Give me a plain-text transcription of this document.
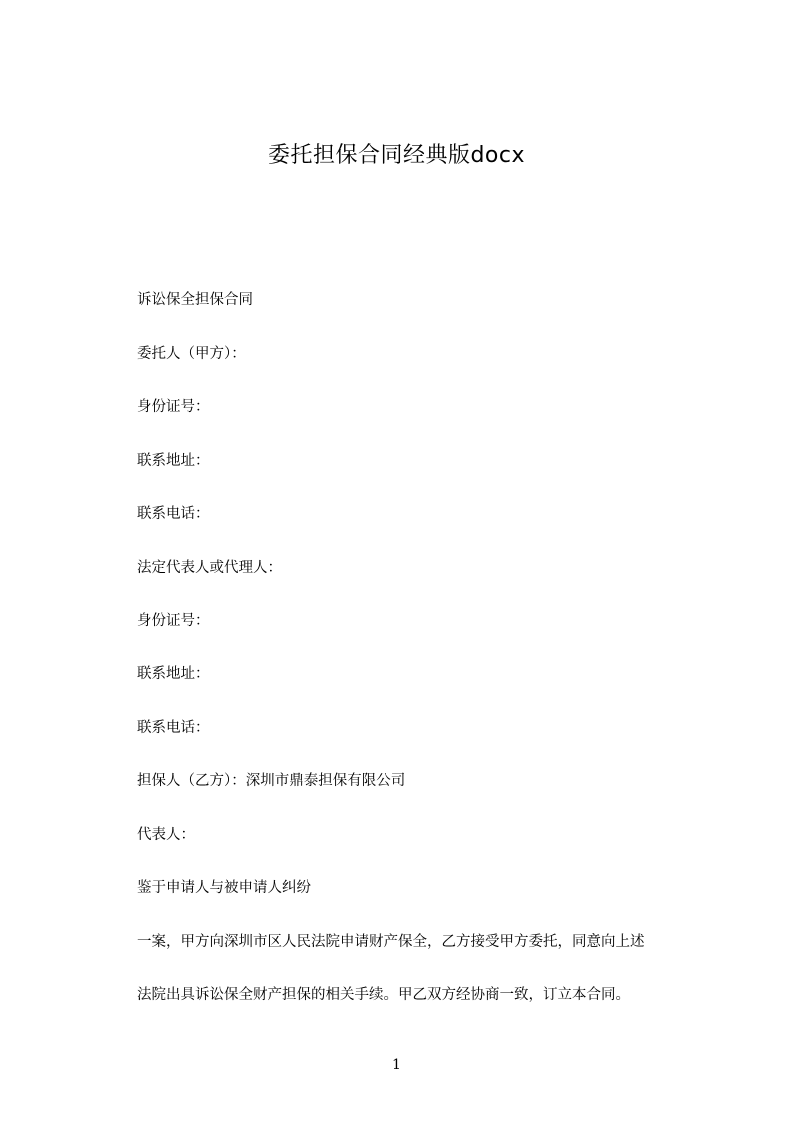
委托担保合同经典版docx
诉讼保全担保合同
委托人（甲方）：
身份证号：
联系地址：
联系电话：
法定代表人或代理人：
身份证号：
联系地址：
联系电话：
担保人（乙方）：深圳市鼎泰担保有限公司
代表人：
鉴于申请人与被申请人纠纷
一案，甲方向深圳市区人民法院申请财产保全，乙方接受甲方委托，同意向上述
法院出具诉讼保全财产担保的相关手续。甲乙双方经协商一致，订立本合同。
1
